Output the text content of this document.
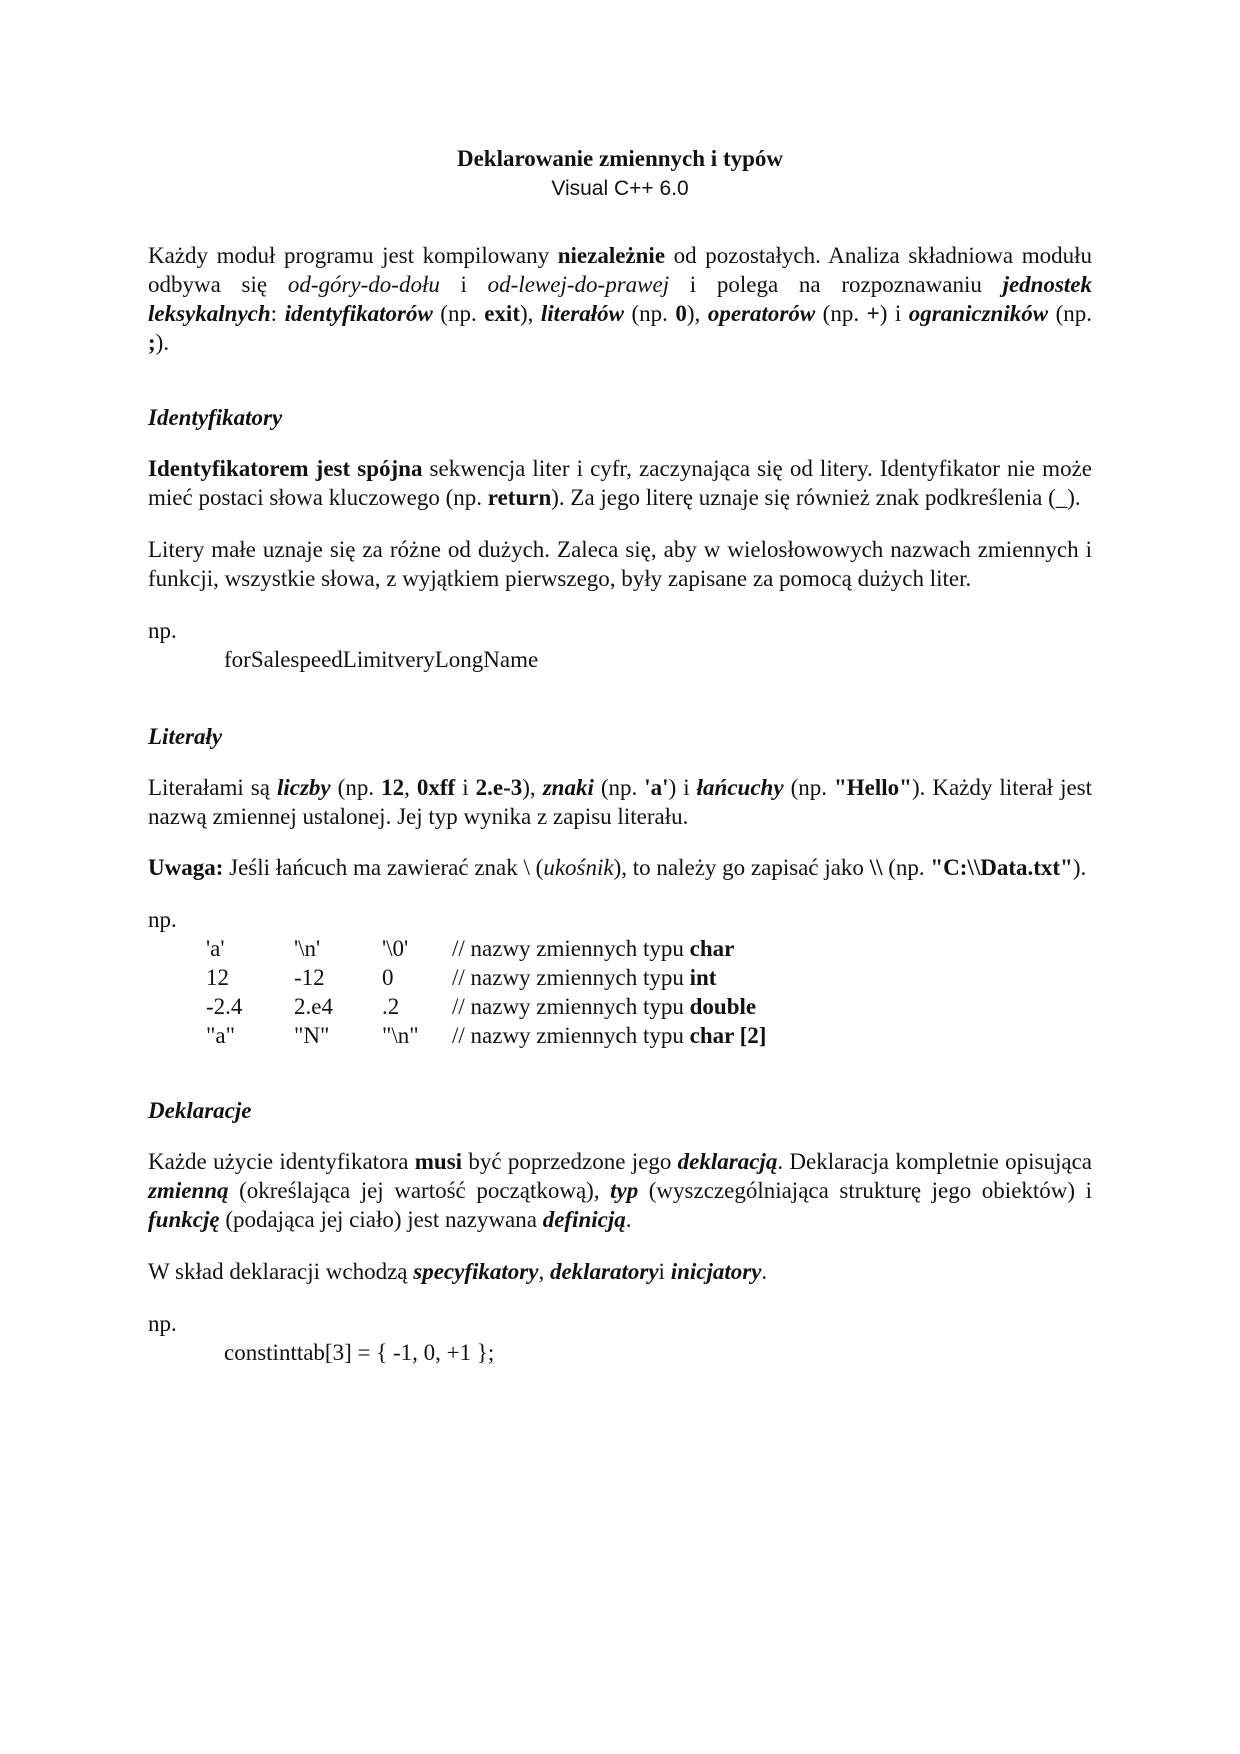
Deklarowanie zmiennych i typów

Visual C++ 6.0

Każdy moduł programu jest kompilowany niezależnie od pozostałych. Analiza składniowa modułu odbywa się od-góry-do-dołu i od-lewej-do-prawej i polega na rozpoznawaniu jednostek leksykalnych: identyfikatorów (np. exit), literałów (np. 0), operatorów (np. +) i ograniczników (np. ;).

Identyfikatory

Identyfikatorem jest spójna sekwencja liter i cyfr, zaczynająca się od litery. Identyfikator nie może mieć postaci słowa kluczowego (np. return). Za jego literę uznaje się również znak podkreślenia (_).

Litery małe uznaje się za różne od dużych. Zaleca się, aby w wielosłowowych nazwach zmiennych i funkcji, wszystkie słowa, z wyjątkiem pierwszego, były zapisane za pomocą dużych liter.

np.

forSalespeedLimitveryLongName

Literały

Literałami są liczby (np. 12, 0xff i 2.e-3), znaki (np. 'a') i łańcuchy (np. "Hello"). Każdy literał jest nazwą zmiennej ustalonej. Jej typ wynika z zapisu literału.

Uwaga: Jeśli łańcuch ma zawierać znak \ (ukośnik), to należy go zapisać jako \\ (np. "C:\\Data.txt").

np.

'a'	'\n'	'\0'	// nazwy zmiennych typu char
12	-12	0	// nazwy zmiennych typu int
-2.4	2.e4	.2	// nazwy zmiennych typu double
"a"	"N"	"\n"	// nazwy zmiennych typu char [2]

Deklaracje

Każde użycie identyfikatora musi być poprzedzone jego deklaracją. Deklaracja kompletnie opisująca zmienną (określająca jej wartość początkową), typ (wyszczególniająca strukturę jego obiektów) i funkcję (podająca jej ciało) jest nazywana definicją.

W skład deklaracji wchodzą specyfikatory, deklaratoryi inicjatory.

np.

constinttab[3] = { -1, 0, +1 };
